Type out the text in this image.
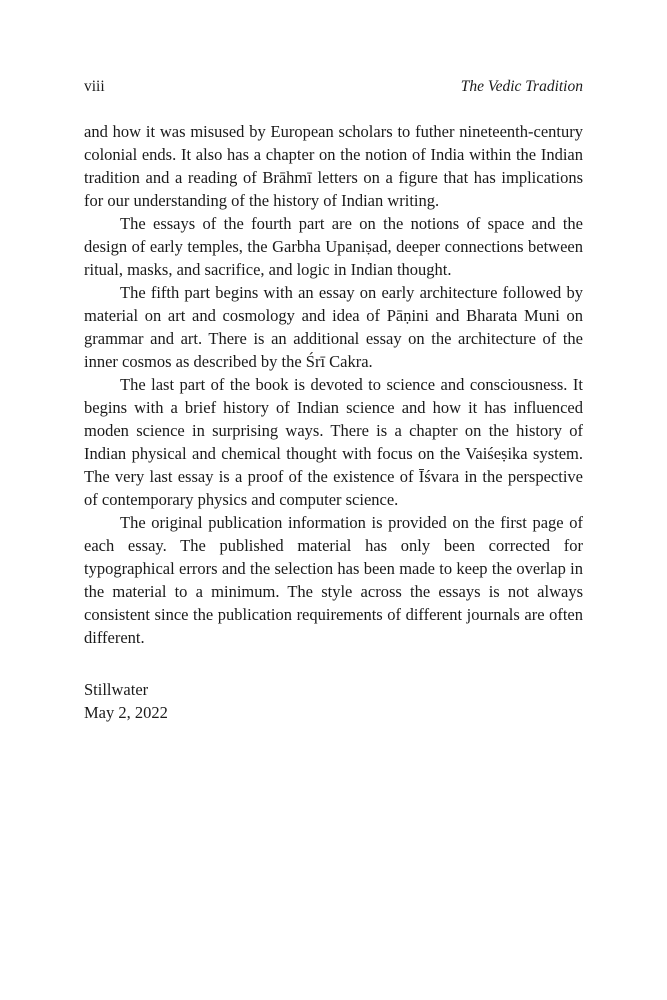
viii	The Vedic Tradition

and how it was misused by European scholars to futher nineteenth-century colonial ends. It also has a chapter on the notion of India within the Indian tradition and a reading of Brāhmī letters on a figure that has implications for our understanding of the history of Indian writing.

The essays of the fourth part are on the notions of space and the design of early temples, the Garbha Upaniṣad, deeper connections between ritual, masks, and sacrifice, and logic in Indian thought.

The fifth part begins with an essay on early architecture followed by material on art and cosmology and idea of Pāṇini and Bharata Muni on grammar and art. There is an additional essay on the architecture of the inner cosmos as described by the Śrī Cakra.

The last part of the book is devoted to science and consciousness. It begins with a brief history of Indian science and how it has influenced moden science in surprising ways. There is a chapter on the history of Indian physical and chemical thought with focus on the Vaiśeṣika system. The very last essay is a proof of the existence of Īśvara in the perspective of contemporary physics and computer science.

The original publication information is provided on the first page of each essay. The published material has only been corrected for typographical errors and the selection has been made to keep the overlap in the material to a minimum. The style across the essays is not always consistent since the publication requirements of different journals are often different.

Stillwater
May 2, 2022
